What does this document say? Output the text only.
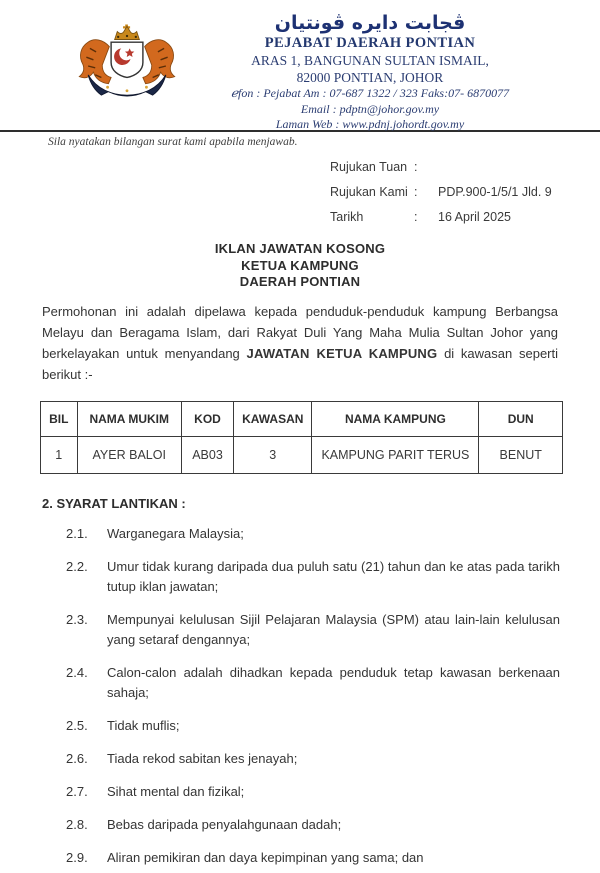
ڤجابت دايره ڤونتيان
PEJABAT DAERAH PONTIAN
ARAS 1, BANGUNAN SULTAN ISMAIL,
82000 PONTIAN, JOHOR
ℯfon : Pejabat Am : 07-687 1322 / 323 Faks:07- 6870077
Email : pdptn@johor.gov.my
Laman Web : www.pdnj.johordt.gov.my
Sila nyatakan bilangan surat kami apabila menjawab.
Rujukan Tuan :
Rujukan Kami :	PDP.900-1/5/1 Jld. 9
Tarikh	:	16 April 2025
IKLAN JAWATAN KOSONG
KETUA KAMPUNG
DAERAH PONTIAN

Permohonan ini adalah dipelawa kepada penduduk-penduduk kampung Berbangsa Melayu dan Beragama Islam, dari Rakyat Duli Yang Maha Mulia Sultan Johor yang berkelayakan untuk menyandang JAWATAN KETUA KAMPUNG di kawasan seperti berikut :-

BIL	NAMA MUKIM	KOD	KAWASAN	NAMA KAMPUNG	DUN
1	AYER BALOI	AB03	3	KAMPUNG PARIT TERUS	BENUT
2. SYARAT LANTIKAN :
2.1.	Warganegara Malaysia;
2.2.	Umur tidak kurang daripada dua puluh satu (21) tahun dan ke atas pada tarikh tutup iklan jawatan;
2.3.	Mempunyai kelulusan Sijil Pelajaran Malaysia (SPM) atau lain-lain kelulusan yang setaraf dengannya;
2.4.	Calon-calon adalah dihadkan kepada penduduk tetap kawasan berkenaan sahaja;
2.5.	Tidak muflis;
2.6.	Tiada rekod sabitan kes jenayah;
2.7.	Sihat mental dan fizikal;
2.8.	Bebas daripada penyalahgunaan dadah;
2.9.	Aliran pemikiran dan daya kepimpinan yang sama; dan
